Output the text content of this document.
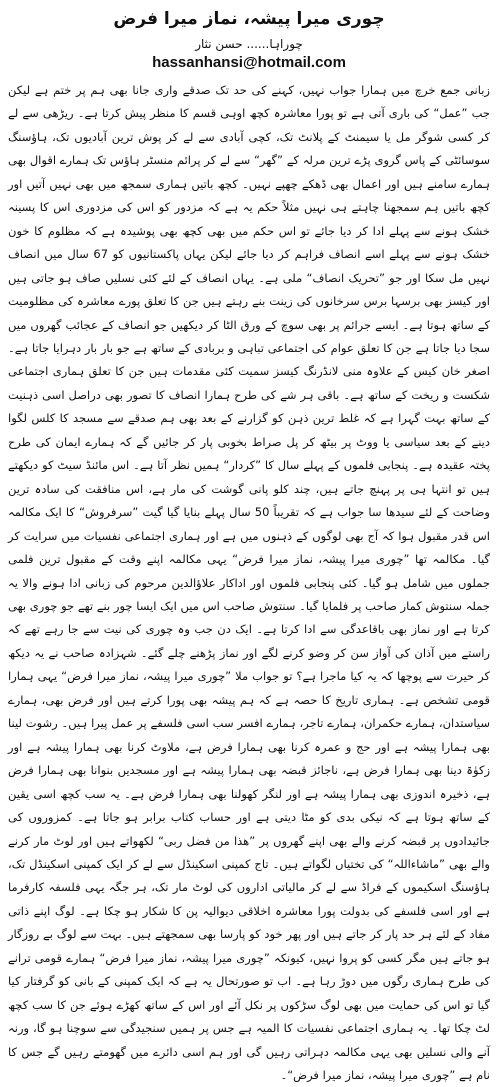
چوری میرا پیشہ، نماز میرا فرض
چوراہا...... حسن نثار
hassanhansi@hotmail.com

زبانی جمع خرچ میں ہمارا جواب نہیں، کہنے کی حد تک صدقے واری جانا بھی ہم پر ختم ہے لیکن جب ”عمل“ کی باری آتی ہے تو پورا معاشرہ کچھ اوہی قسم کا منظر پیش کرتا ہے۔ ریڑھی سے لے کر کسی شوگر مل یا سیمنٹ کے پلانٹ تک، کچی آبادی سے لے کر پوش ترین آبادیوں تک، ہاؤسنگ سوسائٹی کے پاس گروی پڑے ترین مرلہ کے ”گھر“ سے لے کر پرائم منسٹر ہاؤس تک ہمارے اقوال بھی ہمارے سامنے ہیں اور اعمال بھی ڈھکے چھپے نہیں۔ کچھ باتیں ہماری سمجھ میں بھی نہیں آتیں اور کچھ باتیں ہم سمجھنا چاہتے ہی نہیں مثلاً حکم یہ ہے کہ مزدور کو اس کی مزدوری اس کا پسینہ خشک ہونے سے پہلے ادا کر دیا جائے تو اس حکم میں بھی کچھ بھی پوشیدہ ہے کہ مظلوم کا خون خشک ہونے سے پہلے اسے انصاف فراہم کر دیا جائے لیکن یہاں پاکستانیوں کو 67 سال میں انصاف نہیں مل سکا اور جو ”تحریک انصاف“ ملی ہے۔ یہاں انصاف کے لئے کئی نسلیں صاف ہو جاتی ہیں اور کیسز بھی برسہا برس سرخانوں کی زینت بنے رہتے ہیں جن کا تعلق پورے معاشرہ کی مظلومیت کے ساتھ ہوتا ہے۔ ایسے جرائم پر بھی سوچ کے ورق الٹا کر دیکھیں جو انصاف کے عجائب گھروں میں سجا دیا جاتا ہے جن کا تعلق عوام کی اجتماعی تباہی و بربادی کے ساتھ ہے جو بار بار دہرایا جاتا ہے۔ اصغر خان کیس کے علاوہ منی لانڈرنگ کیسز سمیت کئی مقدمات ہیں جن کا تعلق ہماری اجتماعی شکست و ریخت کے ساتھ ہے۔ باقی ہر شے کی طرح ہمارا انصاف کا تصور بھی دراصل اسی ذہنیت کے ساتھ بہت گہرا ہے کہ غلط ترین ذہن کو گزارنے کے بعد بھی ہم صدقے سے مسجد کا کلس لگوا دینے کے بعد سیاسی یا ووٹ پر بیٹھ کر پل صراط بخوبی پار کر جائیں گے کہ ہمارے ایمان کی طرح پختہ عقیدہ ہے۔ پنجابی فلموں کے پہلے سال کا ”کردار“ ہمیں نظر آتا ہے۔ اس مائنڈ سیٹ کو دیکھتے ہیں تو انتہا ہی پر پہنچ جاتے ہیں، چند کلو پانی گوشت کی مار ہے، اس منافقت کی سادہ ترین وضاحت کے لئے سیدھا سا جواب ہے کہ تقریباً 50 سال پہلے بنایا گیا گیت ”سرفروش“ کا ایک مکالمہ اس قدر مقبول ہوا کہ آج بھی لوگوں کے ذہنوں میں ہے اور ہماری اجتماعی نفسیات میں سرایت کر گیا۔ مکالمہ تھا ”چوری میرا پیشہ، نماز میرا فرض“ یہی مکالمہ اپنے وقت کے مقبول ترین فلمی جملوں میں شامل ہو گیا۔ کئی پنجابی فلموں اور اداکار علاؤالدین مرحوم کی زبانی ادا ہونے والا یہ جملہ سنتوش کمار صاحب پر فلمایا گیا۔ سنتوش صاحب اس میں ایک ایسا چور بنے تھے جو چوری بھی کرتا ہے اور نماز بھی باقاعدگی سے ادا کرتا ہے۔ ایک دن جب وہ چوری کی نیت سے جا رہے تھے کہ راستے میں آذان کی آواز سن کر وضو کرنے لگے اور نماز پڑھنے چلے گئے۔ شہزادہ صاحب نے یہ دیکھ کر حیرت سے پوچھا کہ یہ کیا ماجرا ہے؟ تو جواب ملا ”چوری میرا پیشہ، نماز میرا فرض“ یہی ہمارا قومی تشخص ہے۔ ہماری تاریخ کا حصہ ہے کہ ہم پیشہ بھی پورا کرتے ہیں اور فرض بھی، ہمارے سیاستدان، ہمارے حکمران، ہمارے تاجر، ہمارے افسر سب اسی فلسفے پر عمل پیرا ہیں۔ رشوت لینا بھی ہمارا پیشہ ہے اور حج و عمرہ کرنا بھی ہمارا فرض ہے، ملاوٹ کرنا بھی ہمارا پیشہ ہے اور زکوٰۃ دینا بھی ہمارا فرض ہے، ناجائز قبضہ بھی ہمارا پیشہ ہے اور مسجدیں بنوانا بھی ہمارا فرض ہے، ذخیرہ اندوزی بھی ہمارا پیشہ ہے اور لنگر کھولنا بھی ہمارا فرض ہے۔ یہ سب کچھ اسی یقین کے ساتھ ہوتا ہے کہ نیکی بدی کو مٹا دیتی ہے اور حساب کتاب برابر ہو جاتا ہے۔ کمزوروں کی جائیدادوں پر قبضہ کرنے والے بھی اپنے گھروں پر ”ھذا من فضل ربی“ لکھواتے ہیں اور لوٹ مار کرنے والے بھی ”ماشاءاللہ“ کی تختیاں لگواتے ہیں۔ تاج کمپنی اسکینڈل سے لے کر ایک کمپنی اسکینڈل تک، ہاؤسنگ اسکیموں کے فراڈ سے لے کر مالیاتی اداروں کی لوٹ مار تک، ہر جگہ یہی فلسفہ کارفرما ہے اور اسی فلسفے کی بدولت پورا معاشرہ اخلاقی دیوالیہ پن کا شکار ہو چکا ہے۔ لوگ اپنے ذاتی مفاد کے لئے ہر حد پار کر جاتے ہیں اور پھر خود کو پارسا بھی سمجھتے ہیں۔ بہت سے لوگ بے روزگار ہو جاتے ہیں مگر کسی کو پروا نہیں، کیونکہ ”چوری میرا پیشہ، نماز میرا فرض“ ہمارے قومی ترانے کی طرح ہماری رگوں میں دوڑ رہا ہے۔ اب تو صورتحال یہ ہے کہ ایک کمپنی کے بانی کو گرفتار کیا گیا تو اس کی حمایت میں بھی لوگ سڑکوں پر نکل آئے اور اس کے ساتھ کھڑے ہوئے جن کا سب کچھ لٹ چکا تھا۔ یہ ہماری اجتماعی نفسیات کا المیہ ہے جس پر ہمیں سنجیدگی سے سوچنا ہو گا، ورنہ آنے والی نسلیں بھی یہی مکالمہ دہراتی رہیں گی اور ہم اسی دائرے میں گھومتے رہیں گے جس کا نام ہے ”چوری میرا پیشہ، نماز میرا فرض“۔
